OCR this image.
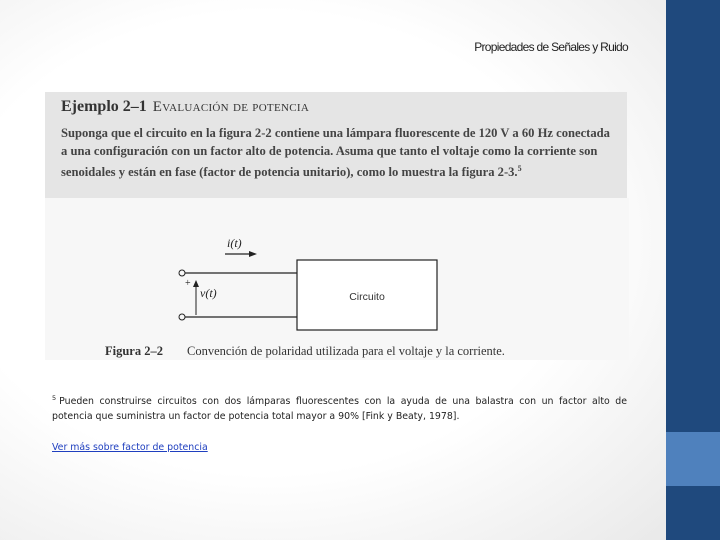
Propiedades de Señales y Ruido
Ejemplo 2–1 Evaluación de potencia
Suponga que el circuito en la figura 2-2 contiene una lámpara fluorescente de 120 V a 60 Hz conectada a una configuración con un factor alto de potencia. Asuma que tanto el voltaje como la corriente son senoidales y están en fase (factor de potencia unitario), como lo muestra la figura 2-3.$^5$
i(t)
+
v(t)	Circuito
Figura 2–2 Convención de polaridad utilizada para el voltaje y la corriente.
$^5$ Pueden construirse circuitos con dos lámparas fluorescentes con la ayuda de una balastra con un factor alto de potencia que suministra un factor de potencia total mayor a 90% [Fink y Beaty, 1978].
Ver más sobre factor de potencia
